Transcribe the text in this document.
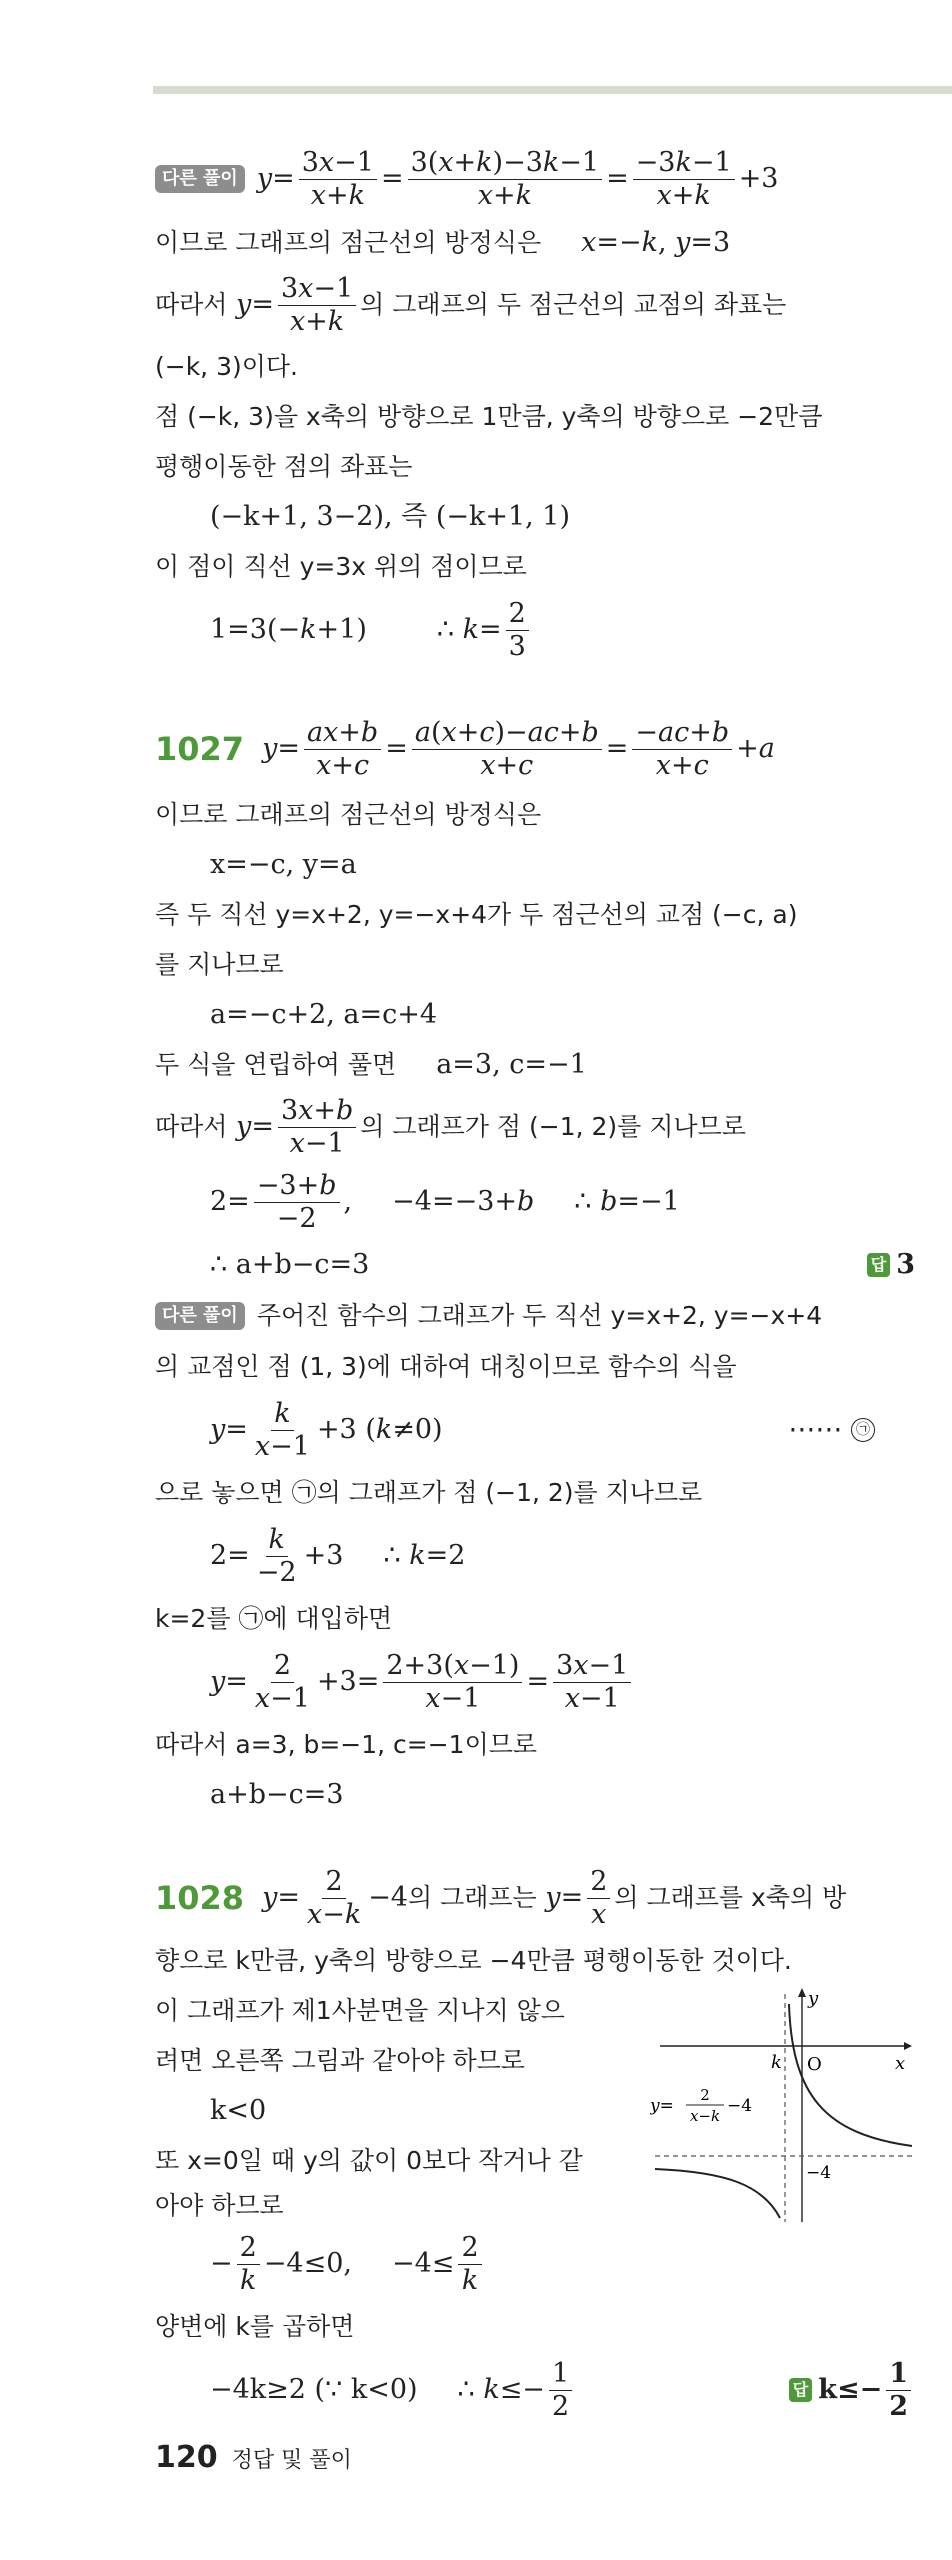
다른 풀이 $y= \frac{3x-1}{x+k} = \frac{3(x+k)-3k-1}{x+k} = \frac{-3k-1}{x+k} +3$
이므로 그래프의 점근선의 방정식은 x=−k, y=3
따라서 $y= \frac{3x-1}{x+k}$ 의 그래프의 두 점근선의 교점의 좌표는
(−k, 3)이다.
점 (−k, 3)을 x축의 방향으로 1만큼, y축의 방향으로 −2만큼
평행이동한 점의 좌표는
(−k+1, 3−2), 즉 (−k+1, 1)
이 점이 직선 y=3x 위의 점이므로
1=3(−k+1)	∴ $k= \frac{2}{3}$
1027 $y= \frac{ax+b}{x+c} = \frac{a(x+c)-ac+b}{x+c} = \frac{-ac+b}{x+c} +a$
이므로 그래프의 점근선의 방정식은
x=−c, y=a
즉 두 직선 y=x+2, y=−x+4가 두 점근선의 교점 (−c, a)
를 지나므로
a=−c+2, a=c+4
두 식을 연립하여 풀면 a=3, c=−1
따라서 $y= \frac{3x+b}{x-1}$ 의 그래프가 점 (−1, 2)를 지나므로
$2= \frac{-3+b}{-2}$ , −4=−3+b ∴ b=−1
∴ a+b−c=3	답 3
다른 풀이 주어진 함수의 그래프가 두 직선 y=x+2, y=−x+4
의 교점인 점 (1, 3)에 대하여 대칭이므로 함수의 식을
$y= \frac{k}{x-1} +3$ (k≠0)	⋯⋯ ㉠
으로 놓으면 ㉠의 그래프가 점 (−1, 2)를 지나므로
$2= \frac{k}{-2} +3$ ∴ k=2
k=2를 ㉠에 대입하면
$y= \frac{2}{x-1} +3= \frac{2+3(x-1)}{x-1} = \frac{3x-1}{x-1}$
따라서 a=3, b=−1, c=−1이므로
a+b−c=3
1028 $y= \frac{2}{x-k} -4$ 의 그래프는 $y= \frac{2}{x}$ 의 그래프를 x축의 방
향으로 k만큼, y축의 방향으로 −4만큼 평행이동한 것이다.
이 그래프가 제1사분면을 지나지 않으
려면 오른쪽 그림과 같아야 하므로
k<0
또 x=0일 때 y의 값이 0보다 작거나 같
아야 하므로
y
x
O
k
−4
y=
2
x−k −4
− $\frac{2}{k} -4\le 0$, $-4\le \frac{2}{k}$
양변에 k를 곱하면
−4k≥2 (∵ k<0) ∴ $k\le- \frac{1}{2}$	답 $k\le- \frac{1}{2}$
120 정답 및 풀이
